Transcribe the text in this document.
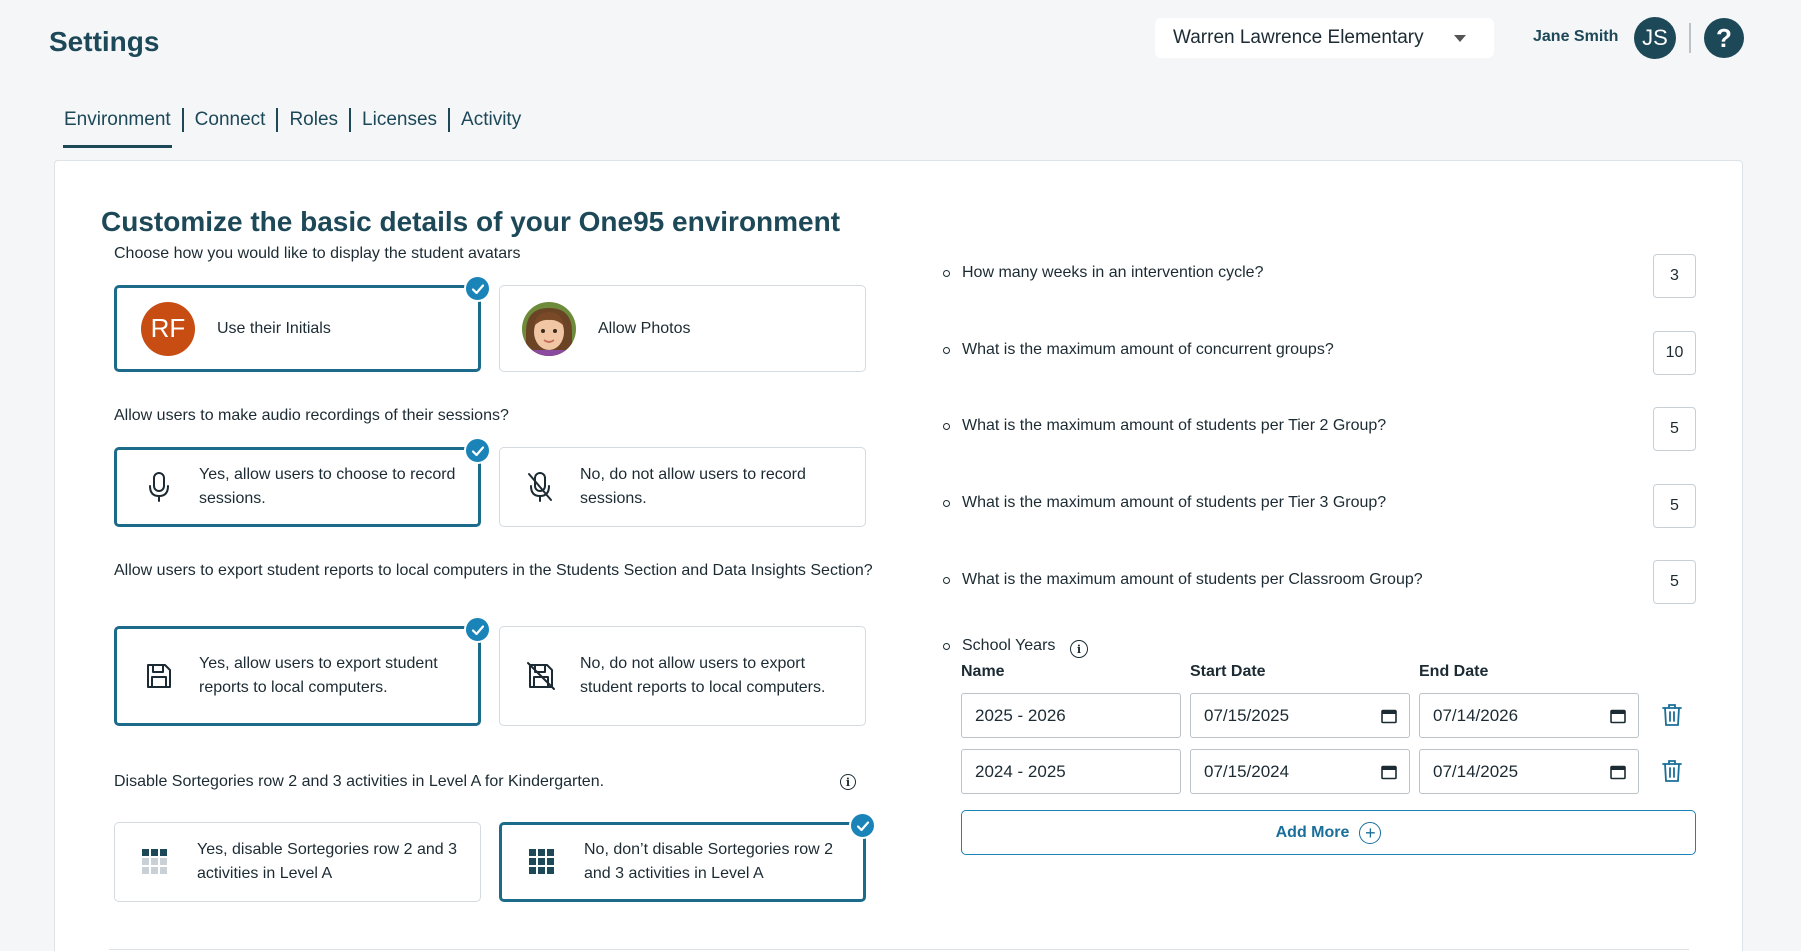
Settings	Warren Lawrence Elementary	Jane Smith	JS	?
Environment	Connect	Roles	Licenses	Activity
Customize the basic details of your One95 environment
Choose how you would like to display the student avatars
RF	Use their Initials	Allow Photos
Allow users to make audio recordings of their sessions?
Yes, allow users to choose to record sessions.
No, do not allow users to record sessions.
Allow users to export student reports to local computers in the Students Section and Data Insights Section?
Yes, allow users to export student reports to local computers.
No, do not allow users to export student reports to local computers.
Disable Sortegories row 2 and 3 activities in Level A for Kindergarten.	i
Yes, disable Sortegories row 2 and 3 activities in Level A
No, don’t disable Sortegories row 2 and 3 activities in Level A
How many weeks in an intervention cycle?	3
What is the maximum amount of concurrent groups?	10
What is the maximum amount of students per Tier 2 Group?	5
What is the maximum amount of students per Tier 3 Group?	5
What is the maximum amount of students per Classroom Group?	5
School Years	i
Name	Start Date	End Date
2025 - 2026	07/15/2025	07/14/2026
2024 - 2025	07/15/2024	07/14/2025
Add More +
